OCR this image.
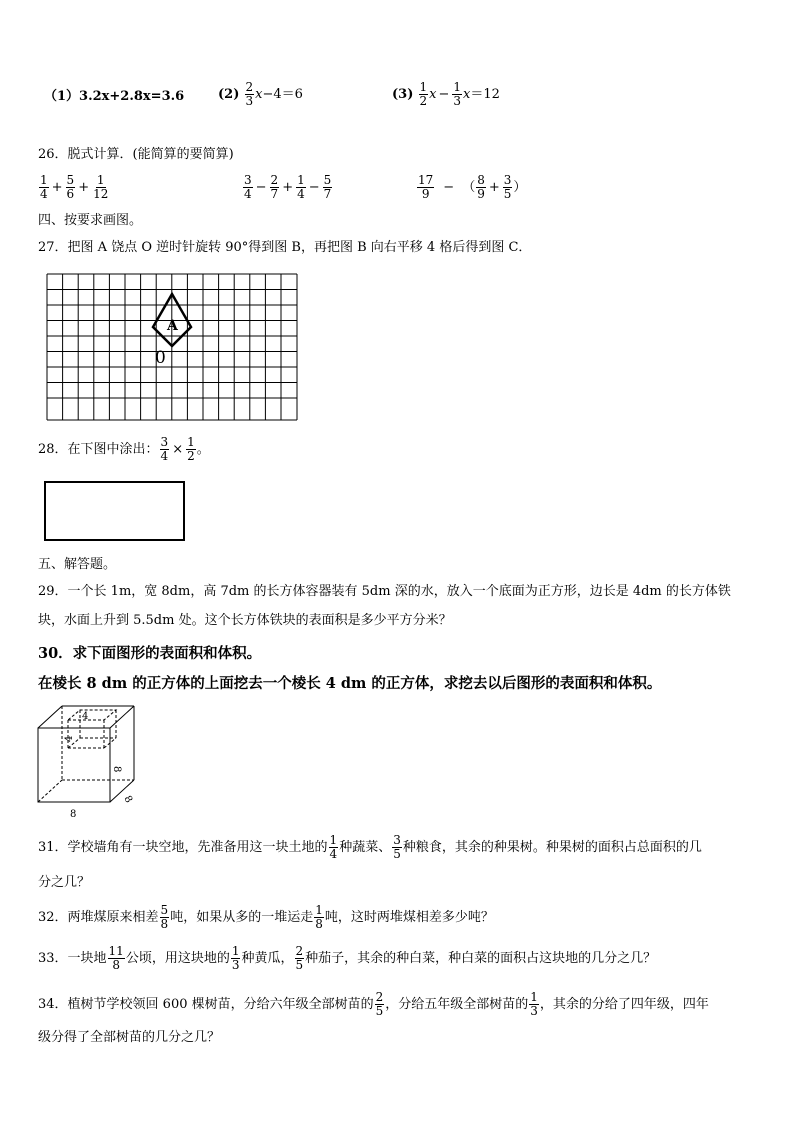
（1）3.2x+2.8x=3.6	$(2) \frac{2}{3} x-4=6$	$(3) \frac{1}{2}$ $x - \frac{1}{3} x=12$
26．脱式计算．(能简算的要简算)
$\frac{1}{4} + \frac{5}{6} + \frac{1}{12}$	$\frac{3}{4} - \frac{2}{7} + \frac{1}{4} - \frac{5}{7}$	$\frac{17}{9}$ − （ $\frac{8}{9} + \frac{3}{5}$ ）
四、按要求画图。
27．把图 A 饶点 O 逆时针旋转 90°得到图 B，再把图 B 向右平移 4 格后得到图 C．
A
0
28．在下图中涂出： $\frac{3}{4} \times \frac{1}{2}$ 。
五、解答题。
29．一个长 1m，宽 8dm，高 7dm 的长方体容器装有 5dm 深的水，放入一个底面为正方形，边长是 4dm 的长方体铁
块，水面上升到 5.5dm 处。这个长方体铁块的表面积是多少平方分米？
30．求下面图形的表面积和体积。
在棱长 8 dm 的正方体的上面挖去一个棱长 4 dm 的正方体，求挖去以后图形的表面积和体积。
4
4
8
8
8
31．学校墙角有一块空地，先准备用这一块土地的 $\frac{1}{4}$ 种蔬菜、 $\frac{3}{5}$ 种粮食，其余的种果树。种果树的面积占总面积的几
分之几？
32．两堆煤原来相差 $\frac{5}{8}$ 吨，如果从多的一堆运走 $\frac{1}{8}$ 吨，这时两堆煤相差多少吨？
33．一块地 $\frac{11}{8}$ 公顷，用这块地的 $\frac{1}{3}$ 种黄瓜， $\frac{2}{5}$ 种茄子，其余的种白菜，种白菜的面积占这块地的几分之几？
34．植树节学校领回 600 棵树苗，分给六年级全部树苗的 $\frac{2}{5}$ ，分给五年级全部树苗的 $\frac{1}{3}$ ，其余的分给了四年级，四年
级分得了全部树苗的几分之几？
